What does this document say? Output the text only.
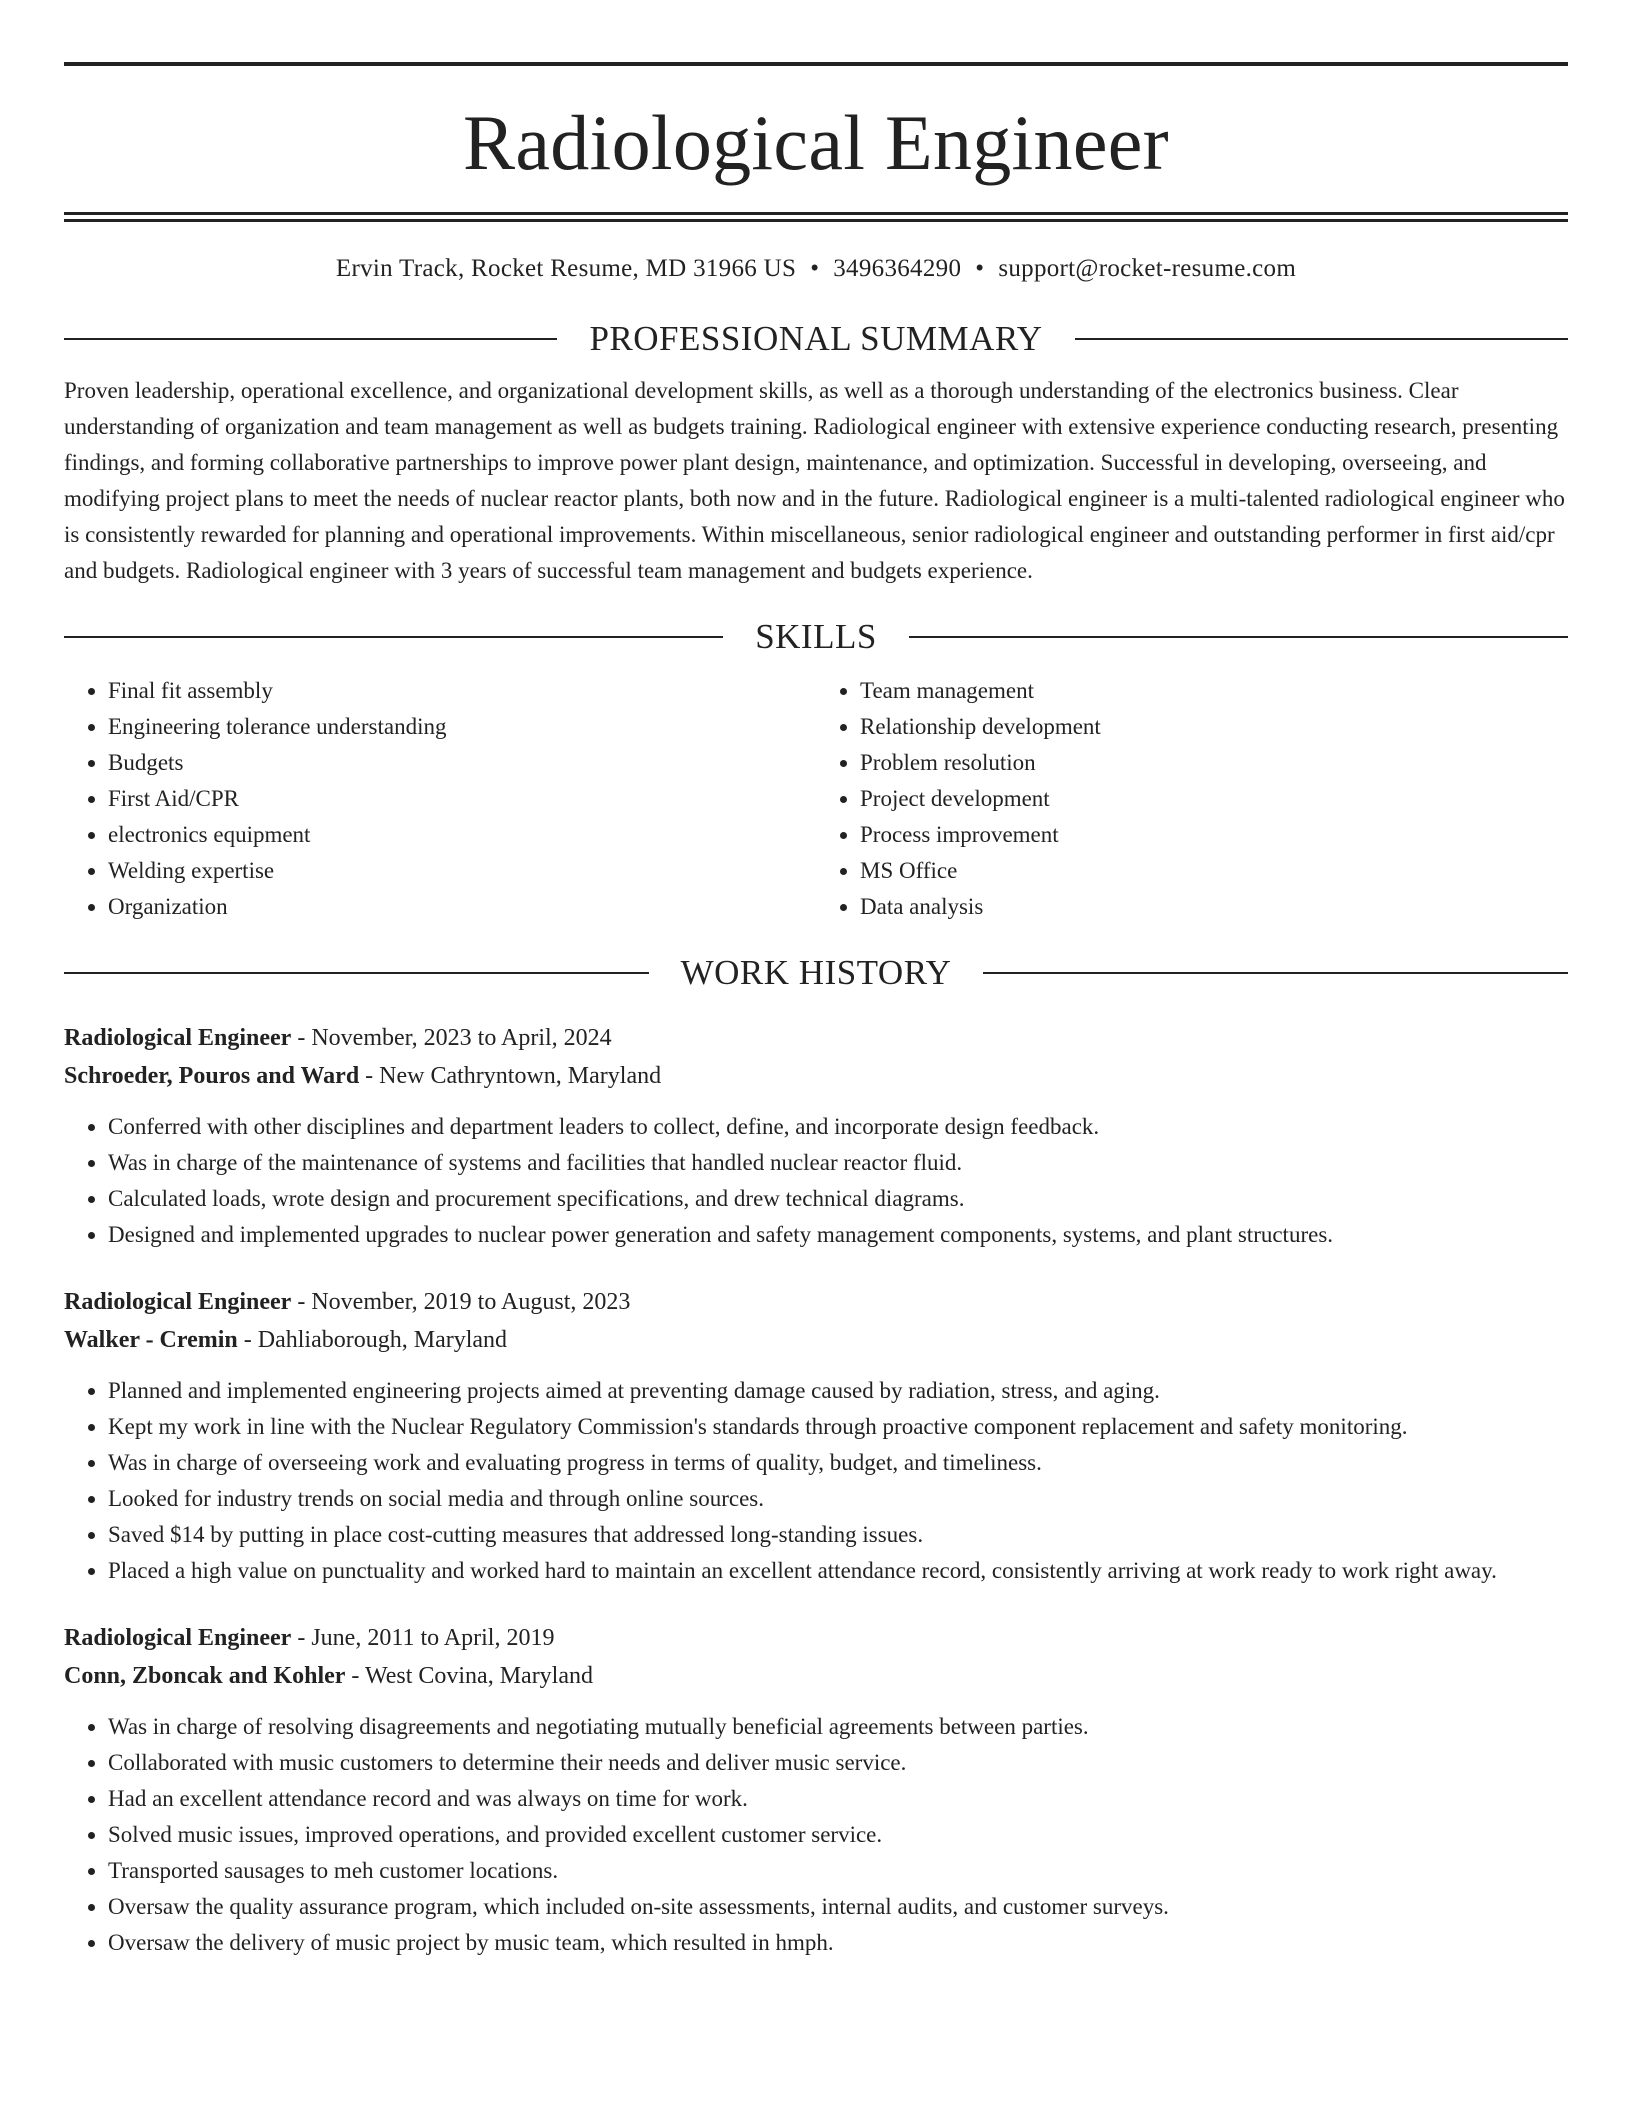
Radiological Engineer
Ervin Track, Rocket Resume, MD 31966 US • 3496364290 • support@rocket-resume.com
PROFESSIONAL SUMMARY
Proven leadership, operational excellence, and organizational development skills, as well as a thorough understanding of the electronics business. Clear understanding of organization and team management as well as budgets training. Radiological engineer with extensive experience conducting research, presenting findings, and forming collaborative partnerships to improve power plant design, maintenance, and optimization. Successful in developing, overseeing, and modifying project plans to meet the needs of nuclear reactor plants, both now and in the future. Radiological engineer is a multi-talented radiological engineer who is consistently rewarded for planning and operational improvements. Within miscellaneous, senior radiological engineer and outstanding performer in first aid/cpr and budgets. Radiological engineer with 3 years of successful team management and budgets experience.
SKILLS
• Final fit assembly
• Engineering tolerance understanding
• Budgets
• First Aid/CPR
• electronics equipment
• Welding expertise
• Organization
• Team management
• Relationship development
• Problem resolution
• Project development
• Process improvement
• MS Office
• Data analysis
WORK HISTORY
Radiological Engineer - November, 2023 to April, 2024
Schroeder, Pouros and Ward - New Cathryntown, Maryland
• Conferred with other disciplines and department leaders to collect, define, and incorporate design feedback.
• Was in charge of the maintenance of systems and facilities that handled nuclear reactor fluid.
• Calculated loads, wrote design and procurement specifications, and drew technical diagrams.
• Designed and implemented upgrades to nuclear power generation and safety management components, systems, and plant structures.
Radiological Engineer - November, 2019 to August, 2023
Walker - Cremin - Dahliaborough, Maryland
• Planned and implemented engineering projects aimed at preventing damage caused by radiation, stress, and aging.
• Kept my work in line with the Nuclear Regulatory Commission's standards through proactive component replacement and safety monitoring.
• Was in charge of overseeing work and evaluating progress in terms of quality, budget, and timeliness.
• Looked for industry trends on social media and through online sources.
• Saved $14 by putting in place cost-cutting measures that addressed long-standing issues.
• Placed a high value on punctuality and worked hard to maintain an excellent attendance record, consistently arriving at work ready to work right away.
Radiological Engineer - June, 2011 to April, 2019
Conn, Zboncak and Kohler - West Covina, Maryland
• Was in charge of resolving disagreements and negotiating mutually beneficial agreements between parties.
• Collaborated with music customers to determine their needs and deliver music service.
• Had an excellent attendance record and was always on time for work.
• Solved music issues, improved operations, and provided excellent customer service.
• Transported sausages to meh customer locations.
• Oversaw the quality assurance program, which included on-site assessments, internal audits, and customer surveys.
• Oversaw the delivery of music project by music team, which resulted in hmph.
